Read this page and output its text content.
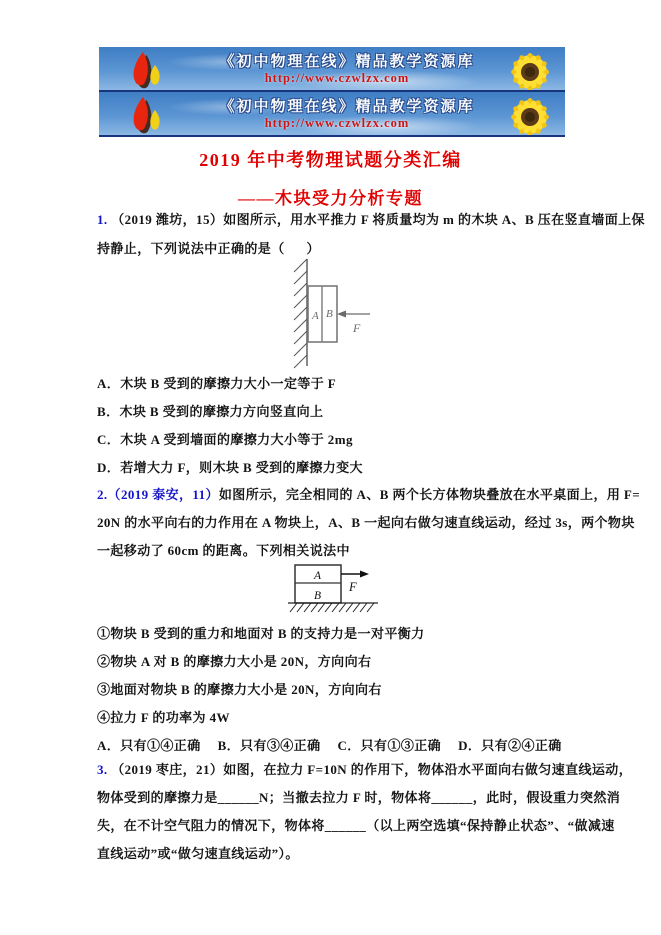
《初中物理在线》精品教学资源库
http://www.czwlzx.com
《初中物理在线》精品教学资源库
http://www.czwlzx.com
2019 年中考物理试题分类汇编
——木块受力分析专题
1. （2019 潍坊，15）如图所示，用水平推力 F 将质量均为 m 的木块 A、B 压在竖直墙面上保
持静止，下列说法中正确的是（      ）
A B
F
A．木块 B 受到的摩擦力大小一定等于 F
B．木块 B 受到的摩擦力方向竖直向上
C．木块 A 受到墙面的摩擦力大小等于 2mg
D．若增大力 F，则木块 B 受到的摩擦力变大
2.（2019 泰安，11）如图所示，完全相同的 A、B 两个长方体物块叠放在水平桌面上，用 F=
20N 的水平向右的力作用在 A 物块上，A、B 一起向右做匀速直线运动，经过 3s，两个物块
一起移动了 60cm 的距离。下列相关说法中
A
B
F
①物块 B 受到的重力和地面对 B 的支持力是一对平衡力
②物块 A 对 B 的摩擦力大小是 20N，方向向右
③地面对物块 B 的摩擦力大小是 20N，方向向右
④拉力 F 的功率为 4W
A．只有①④正确 B．只有③④正确 C．只有①③正确 D．只有②④正确
3. （2019 枣庄，21）如图，在拉力 F=10N 的作用下，物体沿水平面向右做匀速直线运动，
物体受到的摩擦力是______N；当撤去拉力 F 时，物体将______，此时，假设重力突然消
失，在不计空气阻力的情况下，物体将______（以上两空选填“保持静止状态”、“做减速
直线运动”或“做匀速直线运动”）。
